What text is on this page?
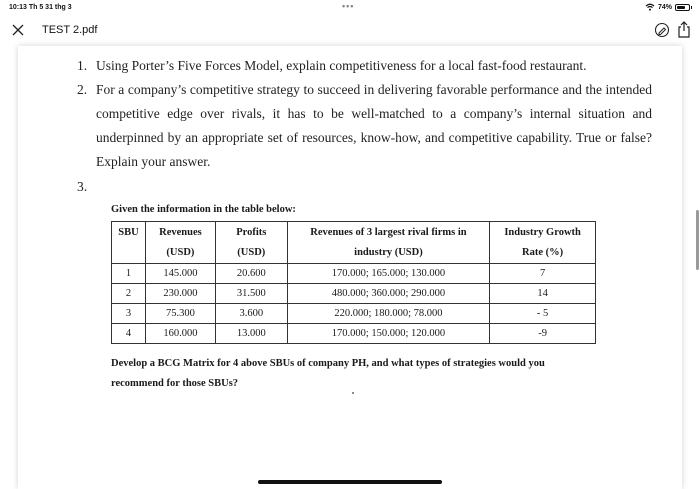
10:13 Th 5 31 thg 3	•••	74%
TEST 2.pdf
1. Using Porter’s Five Forces Model, explain competitiveness for a local fast-food restaurant.
2. For a company’s competitive strategy to succeed in delivering favorable performance and the intended competitive edge over rivals, it has to be well-matched to a company’s internal situation and underpinned by an appropriate set of resources, know-how, and competitive capability. True or false? Explain your answer.
3.
Given the information in the table below:
SBU	Revenues	Profits	Revenues of 3 largest rival firms in	Industry Growth
	(USD)	(USD)	industry (USD)	Rate (%)
1	145.000	20.600	170.000; 165.000; 130.000	7
2	230.000	31.500	480.000; 360.000; 290.000	14
3	75.300	3.600	220.000; 180.000; 78.000	- 5
4	160.000	13.000	170.000; 150.000; 120.000	-9
Develop a BCG Matrix for 4 above SBUs of company PH, and what types of strategies would you recommend for those SBUs?
